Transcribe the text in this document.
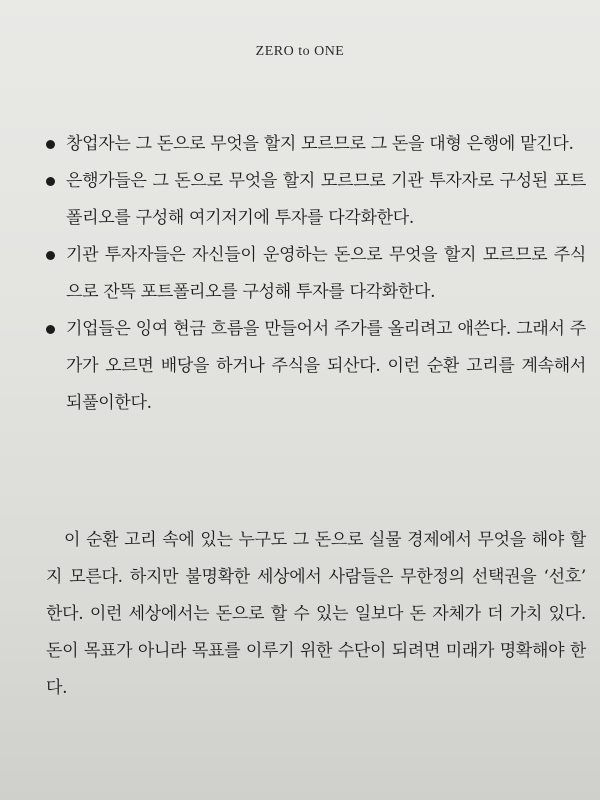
ZERO to ONE
창업자는 그 돈으로 무엇을 할지 모르므로 그 돈을 대형 은행에 맡긴다.
은행가들은 그 돈으로 무엇을 할지 모르므로 기관 투자자로 구성된 포트폴리오를 구성해 여기저기에 투자를 다각화한다.
기관 투자자들은 자신들이 운영하는 돈으로 무엇을 할지 모르므로 주식으로 잔뜩 포트폴리오를 구성해 투자를 다각화한다.
기업들은 잉여 현금 흐름을 만들어서 주가를 올리려고 애쓴다. 그래서 주가가 오르면 배당을 하거나 주식을 되산다. 이런 순환 고리를 계속해서 되풀이한다.

이 순환 고리 속에 있는 누구도 그 돈으로 실물 경제에서 무엇을 해야 할지 모른다. 하지만 불명확한 세상에서 사람들은 무한정의 선택권을 ‘선호’ 한다. 이런 세상에서는 돈으로 할 수 있는 일보다 돈 자체가 더 가치 있다. 돈이 목표가 아니라 목표를 이루기 위한 수단이 되려면 미래가 명확해야 한다.
